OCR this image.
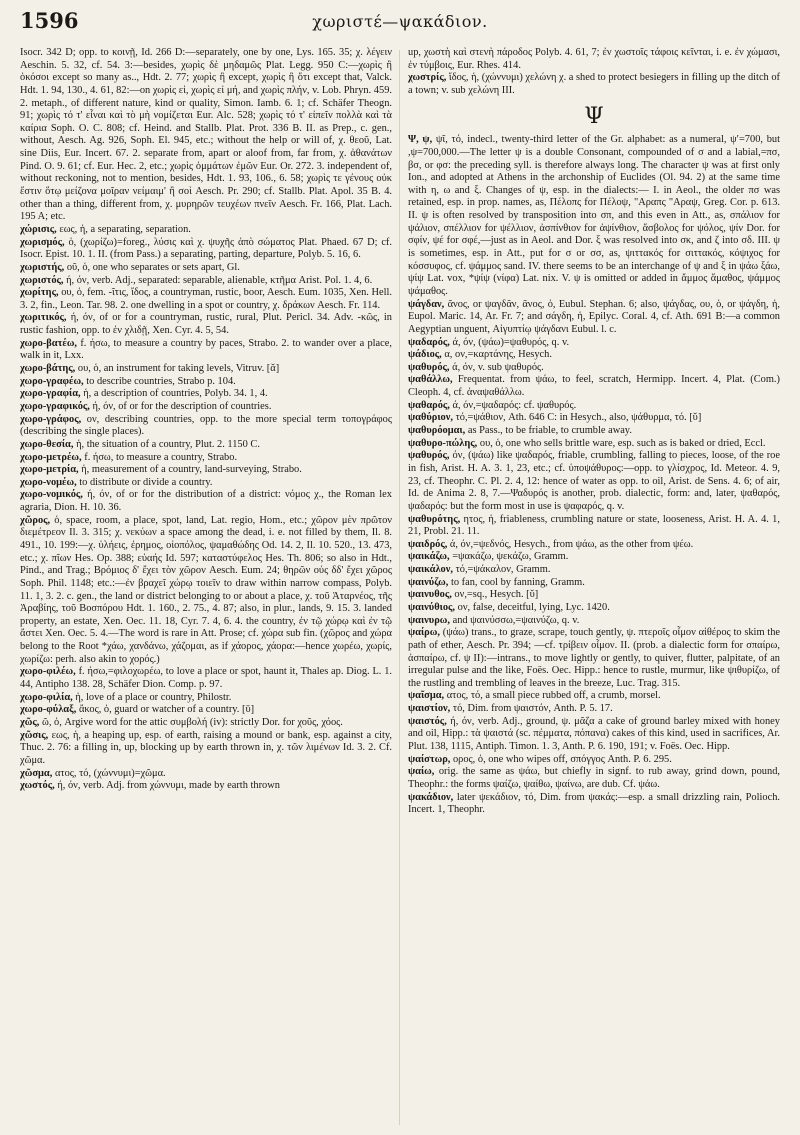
1596	χωριστέ—ψακάδιον.

Isocr. 342 D; opp. to κοινῇ, Id. 266 D:—separately, one by one, Lys. 165. 35; χ. λέγειν Aeschin. 5. 32, cf. 54. 3:—besides, χωρὶς δὲ μηδαμῶς Plat. Legg. 950 C:—χωρὶς ἢ ὁκόσοι except so many as.., Hdt. 2. 77; χωρὶς ἢ except, χωρὶς ἢ ὅτι except that, Valck. Hdt. 1. 94, 130., 4. 61, 82:—on χωρὶς εἰ, χωρὶς εἰ μή, and χωρὶς πλήν, v. Lob. Phryn. 459. 2. metaph., of different nature, kind or quality, Simon. Iamb. 6. 1; cf. Schäfer Theogn. 91; χωρὶς τό τ' εἶναι καὶ τὸ μὴ νομίζεται Eur. Alc. 528; χωρὶς τό τ' εἰπεῖν πολλὰ καὶ τὰ καίρια Soph. O. C. 808; cf. Heind. and Stallb. Plat. Prot. 336 B. II. as Prep., c. gen., without, Aesch. Ag. 926, Soph. El. 945, etc.; without the help or will of, χ. θεοῦ, Lat. sine Diis, Eur. Incert. 67. 2. separate from, apart or aloof from, far from, χ. ἀθανάτων Pind. O. 9. 61; cf. Eur. Hec. 2, etc.; χωρὶς ὁμμάτων ἐμῶν Eur. Or. 272. 3. independent of, without reckoning, not to mention, besides, Hdt. 1. 93, 106., 6. 58; χωρὶς τε γένους οὐκ ἔστιν ὅτῳ μείζονα μοῖραν νείμαιμ' ἢ σοὶ Aesch. Pr. 290; cf. Stallb. Plat. Apol. 35 B. 4. other than a thing, different from, χ. μυρηρῶν τευχέων πνεῖν Aesch. Fr. 166, Plat. Lach. 195 A; etc.

χώρισις, εως, ἡ, a separating, separation.

χωρισμός, ὁ, (χωρίζω)=foreg., λύσις καὶ χ. ψυχῆς ἀπὸ σώματος Plat. Phaed. 67 D; cf. Isocr. Epist. 10. 1. II. (from Pass.) a separating, parting, departure, Polyb. 5. 16, 6.

χωριστής, οῦ, ὁ, one who separates or sets apart, Gl.

χωριστός, ή, όν, verb. Adj., separated: separable, alienable, κτῆμα Arist. Pol. 1. 4, 6.

χωρίτης, ου, ὁ, fem. -ῖτις, ἴδος, a countryman, rustic, boor, Aesch. Eum. 1035, Xen. Hell. 3. 2, fin., Leon. Tar. 98. 2. one dwelling in a spot or country, χ. δράκων Aesch. Fr. 114.

χωριτικός, ή, όν, of or for a countryman, rustic, rural, Plut. Pericl. 34. Adv. -κῶς, in rustic fashion, opp. to ἐν χλιδῇ, Xen. Cyr. 4. 5, 54.

χωρο-βατέω, f. ήσω, to measure a country by paces, Strabo. 2. to wander over a place, walk in it, Lxx.

χωρο-βάτης, ου, ὁ, an instrument for taking levels, Vitruv. [ᾰ]

χωρο-γραφέω, to describe countries, Strabo p. 104.

χωρο-γραφία, ἡ, a description of countries, Polyb. 34. 1, 4.

χωρο-γραφικός, ή, όν, of or for the description of countries.

χωρο-γράφος, ον, describing countries, opp. to the more special term τοπογράφος (describing the single places).

χωρο-θεσία, ἡ, the situation of a country, Plut. 2. 1150 C.

χωρο-μετρέω, f. ήσω, to measure a country, Strabo.

χωρο-μετρία, ἡ, measurement of a country, land-surveying, Strabo.

χωρο-νομέω, to distribute or divide a country.

χωρο-νομικός, ή, όν, of or for the distribution of a district: νόμος χ., the Roman lex agraria, Dion. H. 10. 36.

χῶρος, ὁ, space, room, a place, spot, land, Lat. regio, Hom., etc.; χῶρον μὲν πρῶτον διεμέτρεον Il. 3. 315; χ. νεκύων a space among the dead, i. e. not filled by them, Il. 8. 491., 10. 199:—χ. ὑλήεις, ἐρημος, οἰοπόλος, ψαμαθώδης Od. 14. 2, Il. 10. 520., 13. 473, etc.; χ. πῖων Hes. Op. 388; εὐαής Id. 597; καταστύφελος Hes. Th. 806; so also in Hdt., Pind., and Trag.; Βρόμιος δ' ἔχει τὸν χῶρον Aesch. Eum. 24; θηρῶν οὐς δδ' ἔχει χῶρος Soph. Phil. 1148; etc.:—ἐν βραχεῖ χώρῳ τοιεῖν to draw within narrow compass, Polyb. 11. 1, 3. 2. c. gen., the land or district belonging to or about a place, χ. τοῦ Ἀταρνέος, τῆς Ἀραβίης, τοῦ Βοσπόρου Hdt. 1. 160., 2. 75., 4. 87; also, in plur., lands, 9. 15. 3. landed property, an estate, Xen. Oec. 11. 18, Cyr. 7. 4, 6. 4. the country, ἐν τῷ χώρῳ καὶ ἐν τῷ ἄστει Xen. Oec. 5. 4.—The word is rare in Att. Prose; cf. χώρα sub fin. (χῶρος and χώρα belong to the Root *χάω, χανδάνω, χάζομαι, as if χάορος, χάορα:—hence χωρέω, χωρίς, χωρίζω: perh. also akin to χορός.)

χωρο-φιλέω, f. ήσω,=φιλοχωρέω, to love a place or spot, haunt it, Thales ap. Diog. L. 1. 44, Antipho 138. 28, Schäfer Dion. Comp. p. 97.

χωρο-φιλία, ἡ, love of a place or country, Philostr.

χωρο-φύλαξ, ἄκος, ὁ, guard or watcher of a country. [ῡ]

χῶς, ῶ, ὁ, Argive word for the attic συμβολή (iv): strictly Dor. for χοῦς, χόος.

χῶσις, εως, ἡ, a heaping up, esp. of earth, raising a mound or bank, esp. against a city, Thuc. 2. 76: a filling in, up, blocking up by earth thrown in, χ. τῶν λιμένων Id. 3. 2. Cf. χῶμα.

χῶσμα, ατος, τό, (χώννυμι)=χῶμα.

χωστός, ή, όν, verb. Adj. from χώννυμι, made by earth thrown

up, χωστὴ καὶ στενὴ πάροδος Polyb. 4. 61, 7; ἐν χωστοῖς τάφοις κεῖνται, i. e. ἐν χώμασι, ἐν τύμβοις, Eur. Rhes. 414.

χωστρίς, ἴδος, ἡ, (χώννυμι) χελώνη χ. a shed to protect besiegers in filling up the ditch of a town; v. sub χελώνη III.

Ψ

Ψ, ψ, ψῖ, τό, indecl., twenty-third letter of the Gr. alphabet: as a numeral, ψ′=700, but ,ψ=700,000.—The letter ψ is a double Consonant, compounded of σ and a labial,=πσ, βσ, or φσ: the preceding syll. is therefore always long. The character ψ was at first only Ion., and adopted at Athens in the archonship of Euclides (Ol. 94. 2) at the same time with η, ω and ξ. Changes of ψ, esp. in the dialects:— I. in Aeol., the older πσ was retained, esp. in prop. names, as, Πέλοπς for Πέλοψ, "Αραπς "Αραψ, Greg. Cor. p. 613. II. ψ is often resolved by transposition into σπ, and this even in Att., as, σπάλιον for ψάλιον, σπέλλιον for ψέλλιον, ἀσπίνθιον for ἀψίνθιον, ἄσβολος for ψόλος, ψίν Dor. for σφίν, ψέ for σφέ,—just as in Aeol. and Dor. ξ was resolved into σκ, and ζ into σδ. III. ψ is sometimes, esp. in Att., put for σ or σσ, as, ψιττακός for σιττακός, κόψιχος for κόσσυφος, cf. ψάμμος sand. IV. there seems to be an interchange of ψ and ξ in ψάω ξάω, ψίψ Lat. vox, *ψίψ (νίφα) Lat. nix. V. ψ is omitted or added in ἄμμος ἄμαθος, ψάμμος ψάμαθος.

ψάγδαν, ᾶνος, or ψαγδᾶν, ᾶνος, ὁ, Eubul. Stephan. 6; also, ψάγδας, ου, ὁ, or ψάγδη, ἡ, Eupol. Maric. 14, Ar. Fr. 7; and σάγδη, ἡ, Epilyc. Coral. 4, cf. Ath. 691 B:—a common Aegyptian unguent, Αἰγυπτίῳ ψάγδανι Eubul. l. c.

ψαδαρός, ά, όν, (ψάω)=ψαθυρός, q. v.

ψάδιος, α, ον,=καρτάνης, Hesych.

ψαθυρός, ά, όν, v. sub ψαθυρός.

ψαθάλλω, Frequentat. from ψάω, to feel, scratch, Hermipp. Incert. 4, Plat. (Com.) Cleoph. 4, cf. ἀναψαθάλλω.

ψαθαρός, ά, όν,=ψαδαρός: cf. ψαθυρός.

ψαθύριον, τό,=ψάθιον, Ath. 646 C: in Hesych., also, ψάθυρμα, τό. [ῠ]

ψαθυρόομαι, as Pass., to be friable, to crumble away.

ψαθυρο-πώλης, ου, ὁ, one who sells brittle ware, esp. such as is baked or dried, Eccl.

ψαθυρός, όν, (ψάω) like ψαδαρός, friable, crumbling, falling to pieces, loose, of the roe in fish, Arist. H. A. 3. 1, 23, etc.; cf. ὑποψάθυρος:—opp. to γλίσχρος, Id. Meteor. 4. 9, 23, cf. Theophr. C. Pl. 2. 4, 12: hence of water as opp. to oil, Arist. de Sens. 4. 6; of air, Id. de Anima 2. 8, 7.—Ψαδυρός is another, prob. dialectic, form: and, later, ψαθαρός, ψαδαρός: but the form most in use is ψαφαρός, q. v.

ψαθυρότης, ητος, ἡ, friableness, crumbling nature or state, looseness, Arist. H. A. 4. 1, 21, Probl. 21. 11.

ψαιδρός, ά, όν,=ψεδνός, Hesych., from ψάω, as the other from ψέω.

ψαικάζω, =ψακάζω, ψεκάζω, Gramm.

ψαικάλον, τό,=ψάκαλον, Gramm.

ψαινύζω, to fan, cool by fanning, Gramm.

ψαινυθος, ον,=sq., Hesych. [ῠ]

ψαινύθιος, ον, false, deceitful, lying, Lyc. 1420.

ψαινυρω, and ψαινύσσω,=ψαινύζω, q. v.

ψαίρω, (ψάω) trans., to graze, scrape, touch gently, ψ. πτεροῖς οἶμον αἰθέρος to skim the path of ether, Aesch. Pr. 394; —cf. τρίβειν οἶμον. II. (prob. a dialectic form for σπαίρω, ἀσπαίρω, cf. ψ II):—intrans., to move lightly or gently, to quiver, flutter, palpitate, of an irregular pulse and the like, Foës. Oec. Hipp.: hence to rustle, murmur, like ψιθυρίζω, of the rustling and trembling of leaves in the breeze, Luc. Trag. 315.

ψαῖσμα, ατος, τό, a small piece rubbed off, a crumb, morsel.

ψαιστίον, τό, Dim. from ψαιστόν, Anth. P. 5. 17.

ψαιστός, ή, όν, verb. Adj., ground, ψ. μᾶζα a cake of ground barley mixed with honey and oil, Hipp.: τὰ ψαιστά (sc. πέμματα, πόπανα) cakes of this kind, used in sacrifices, Ar. Plut. 138, 1115, Antiph. Timon. 1. 3, Anth. P. 6. 190, 191; v. Foës. Oec. Hipp.

ψαίστωρ, ορος, ὁ, one who wipes off, σπόγγος Anth. P. 6. 295.

ψαίω, orig. the same as ψάω, but chiefly in signf. to rub away, grind down, pound, Theophr.: the forms ψαίζω, ψαίθω, ψαίνω, are dub. Cf. ψάω.

ψακάδιον, later ψεκάδιον, τό, Dim. from ψακάς:—esp. a small drizzling rain, Polioch. Incert. 1, Theophr.
